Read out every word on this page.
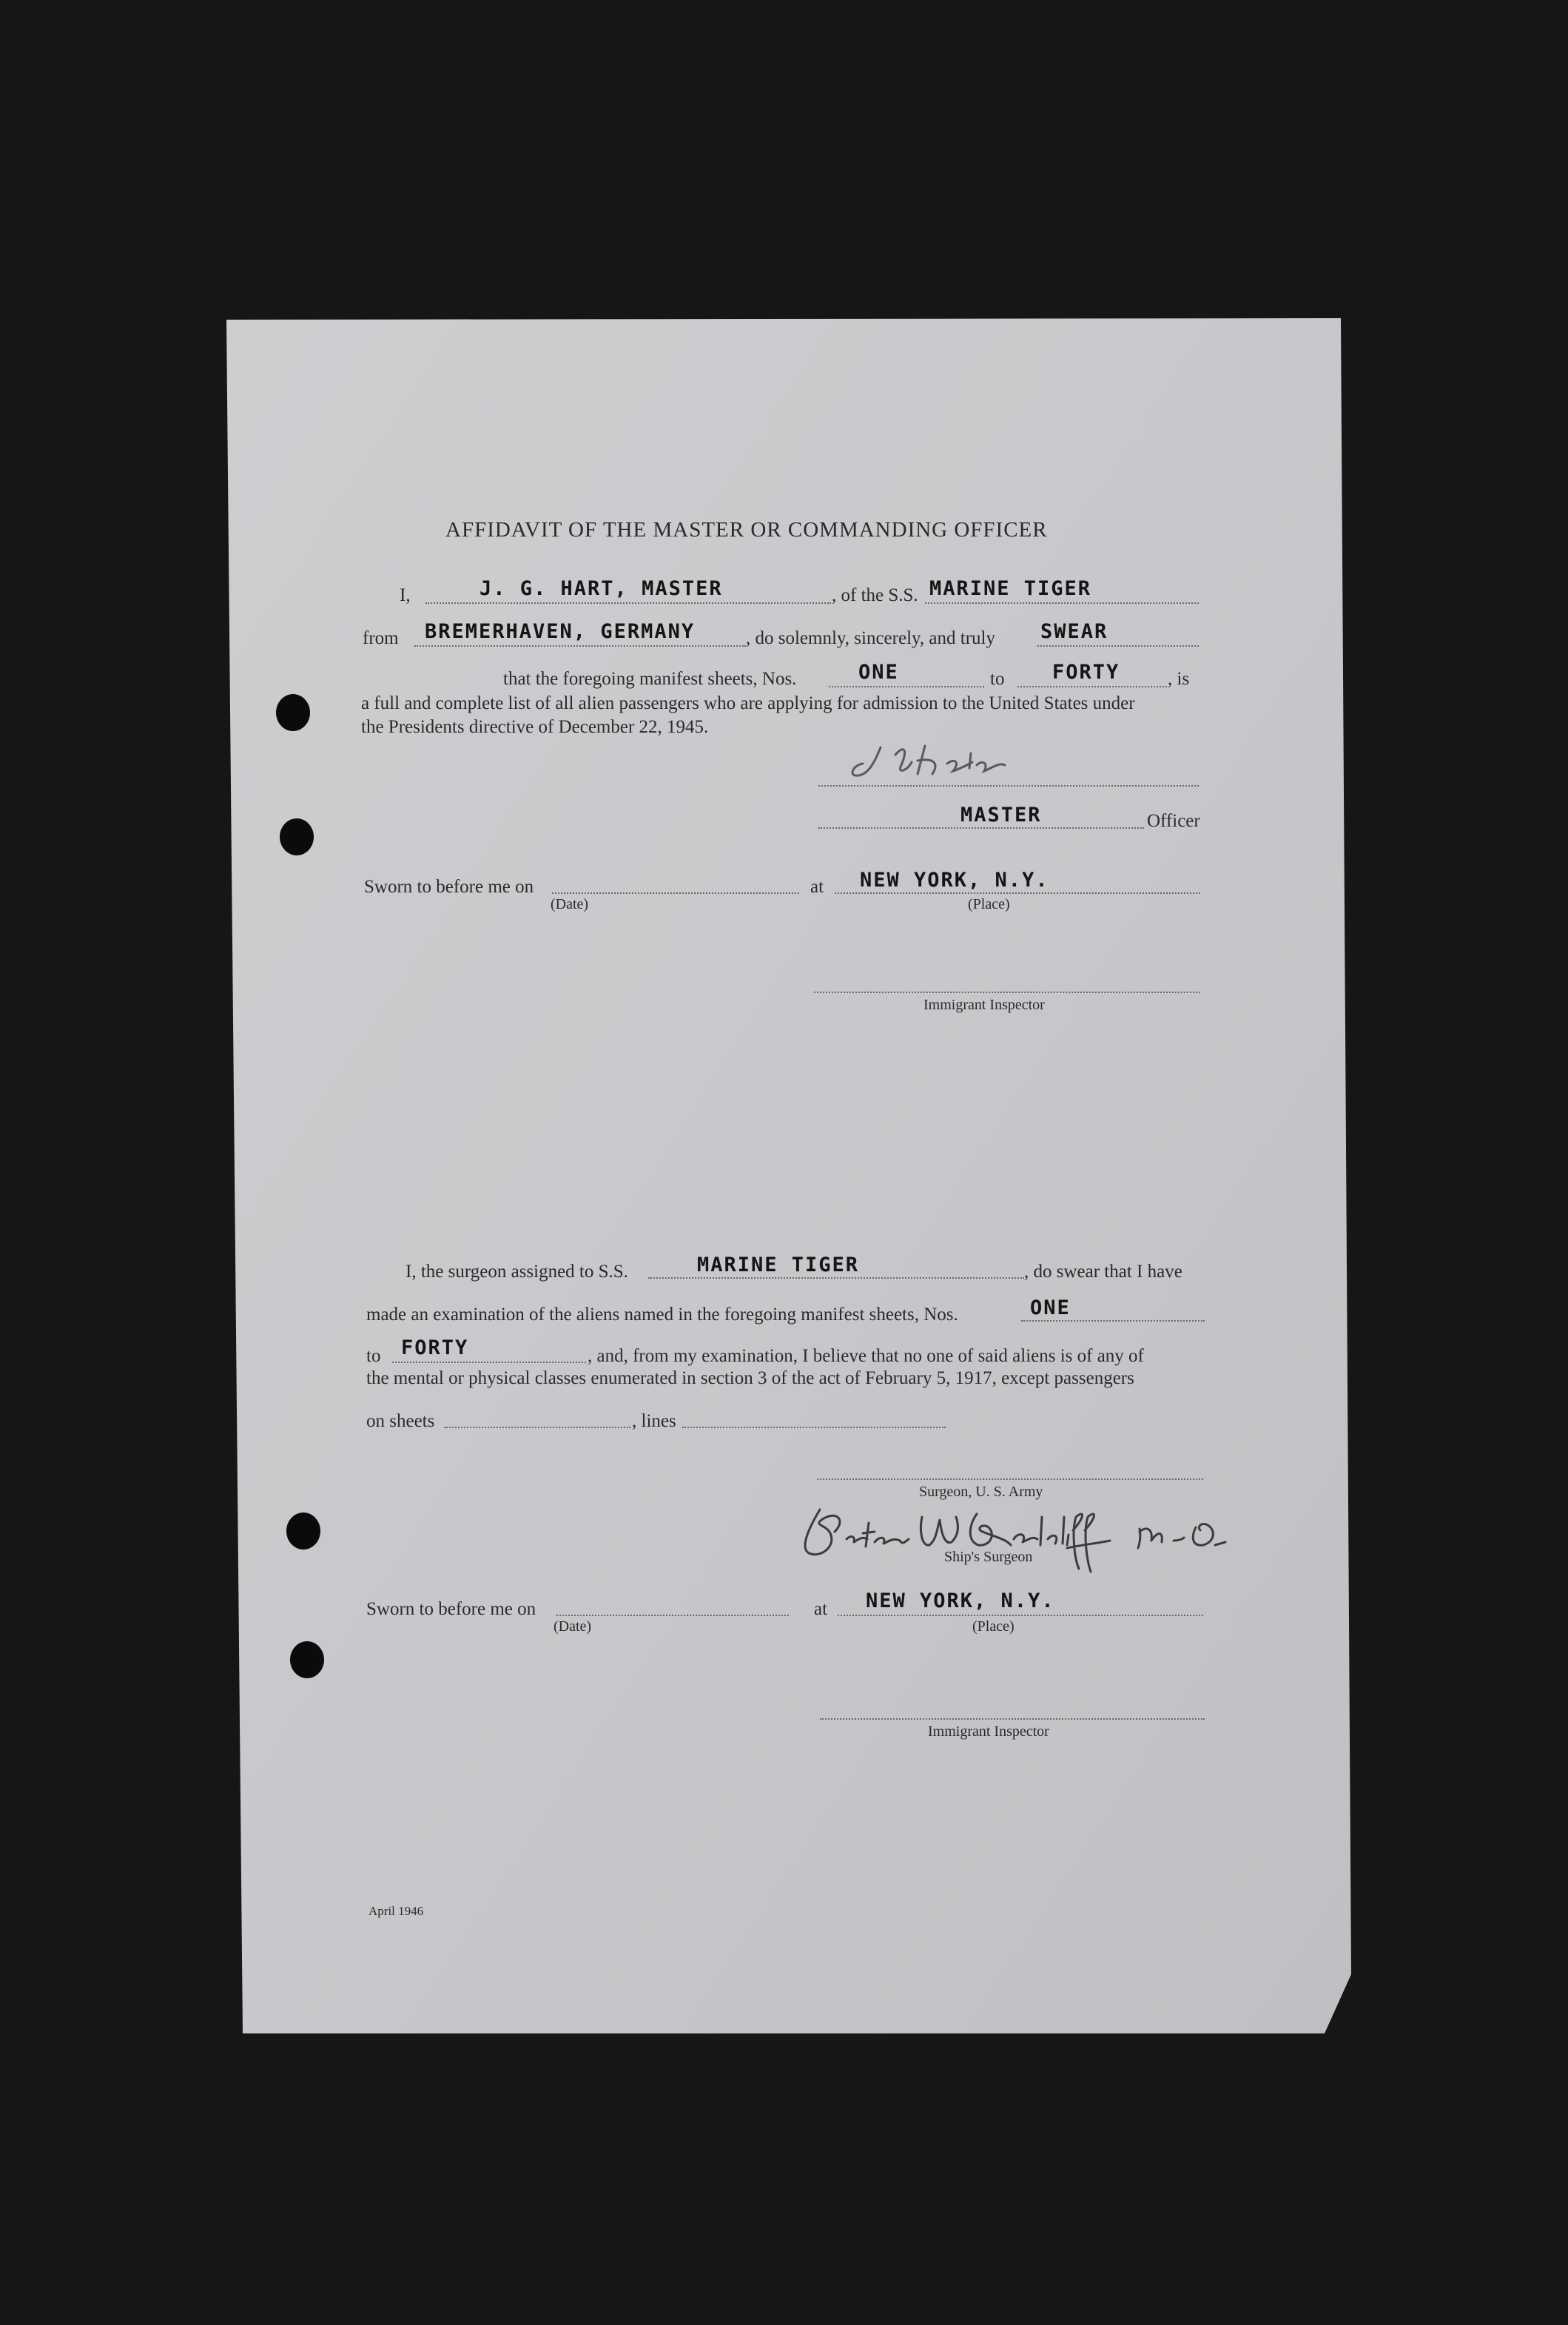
AFFIDAVIT OF THE MASTER OR COMMANDING OFFICER
I,	J. G. HART, MASTER	, of the S.S. MARINE TIGER
from BREMERHAVEN, GERMANY	, do solemnly, sincerely, and truly SWEAR
that the foregoing manifest sheets, Nos.	ONE	to FORTY	, is
a full and complete list of all alien passengers who are applying for admission to the United States under
the Presidents directive of December 22, 1945.
MASTER	Officer
Sworn to before me on
(Date)
at NEW YORK, N.Y.
(Place)
Immigrant Inspector
I, the surgeon assigned to S.S.	MARINE TIGER	, do swear that I have
made an examination of the aliens named in the foregoing manifest sheets, Nos.	ONE
to FORTY	, and, from my examination, I believe that no one of said aliens is of any of
the mental or physical classes enumerated in section 3 of the act of February 5, 1917, except passengers
on sheets	, lines
Surgeon, U. S. Army
Ship's Surgeon
Sworn to before me on
(Date)
at NEW YORK, N.Y.
(Place)
Immigrant Inspector
April 1946
